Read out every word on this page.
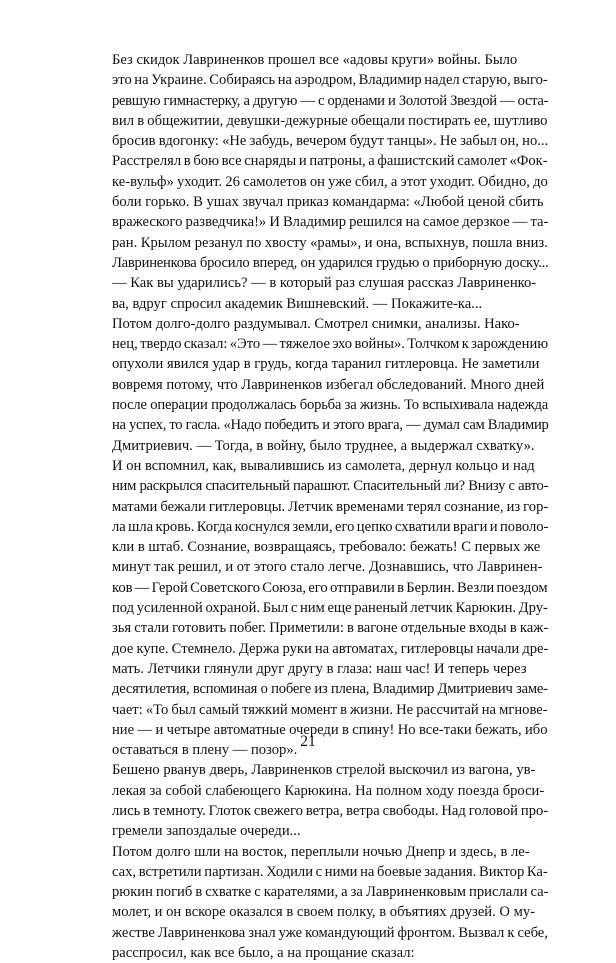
Без скидок Лавриненков прошел все «адовы круги» войны. Было
это на Украине. Собираясь на аэродром, Владимир надел старую, выго-
ревшую гимнастерку, а другую — с орденами и Золотой Звездой — оста-
вил в общежитии, девушки-дежурные обещали постирать ее, шутливо
бросив вдогонку: «Не забудь, вечером будут танцы». Не забыл он, но...
Расстрелял в бою все снаряды и патроны, а фашистский самолет «Фок-
ке-вульф» уходит. 26 самолетов он уже сбил, а этот уходит. Обидно, до
боли горько. В ушах звучал приказ командарма: «Любой ценой сбить
вражеского разведчика!» И Владимир решился на самое дерзкое — та-
ран. Крылом резанул по хвосту «рамы», и она, вспыхнув, пошла вниз.
Лавриненкова бросило вперед, он ударился грудью о приборную доску...

— Как вы ударились? — в который раз слушая рассказ Лавриненко-
ва, вдруг спросил академик Вишневский. — Покажите-ка...

Потом долго-долго раздумывал. Смотрел снимки, анализы. Нако-
нец, твердо сказал: «Это — тяжелое эхо войны». Толчком к зарождению
опухоли явился удар в грудь, когда таранил гитлеровца. Не заметили
вовремя потому, что Лавриненков избегал обследований. Много дней
после операции продолжалась борьба за жизнь. То вспыхивала надежда
на успех, то гасла. «Надо победить и этого врага, — думал сам Владимир
Дмитриевич. — Тогда, в войну, было труднее, а выдержал схватку».

И он вспомнил, как, вывалившись из самолета, дернул кольцо и над
ним раскрылся спасительный парашют. Спасительный ли? Внизу с авто-
матами бежали гитлеровцы. Летчик временами терял сознание, из гор-
ла шла кровь. Когда коснулся земли, его цепко схватили враги и поволо-
кли в штаб. Сознание, возвращаясь, требовало: бежать! С первых же
минут так решил, и от этого стало легче. Дознавшись, что Лавринен-
ков — Герой Советского Союза, его отправили в Берлин. Везли поездом
под усиленной охраной. Был с ним еще раненый летчик Карюкин. Дру-
зья стали готовить побег. Приметили: в вагоне отдельные входы в каж-
дое купе. Стемнело. Держа руки на автоматах, гитлеровцы начали дре-
мать. Летчики глянули друг другу в глаза: наш час! И теперь через
десятилетия, вспоминая о побеге из плена, Владимир Дмитриевич заме-
чает: «То был самый тяжкий момент в жизни. Не рассчитай на мгнове-
ние — и четыре автоматные очереди в спину! Но все-таки бежать, ибо
оставаться в плену — позор».

Бешено рванув дверь, Лавриненков стрелой выскочил из вагона, ув-
лекая за собой слабеющего Карюкина. На полном ходу поезда броси-
лись в темноту. Глоток свежего ветра, ветра свободы. Над головой про-
гремели запоздалые очереди...

Потом долго шли на восток, переплыли ночью Днепр и здесь, в ле-
сах, встретили партизан. Ходили с ними на боевые задания. Виктор Ка-
рюкин погиб в схватке с карателями, а за Лавриненковым прислали са-
молет, и он вскоре оказался в своем полку, в объятиях друзей. О му-
жестве Лавриненкова знал уже командующий фронтом. Вызвал к себе,
расспросил, как все было, а на прощание сказал:

21
